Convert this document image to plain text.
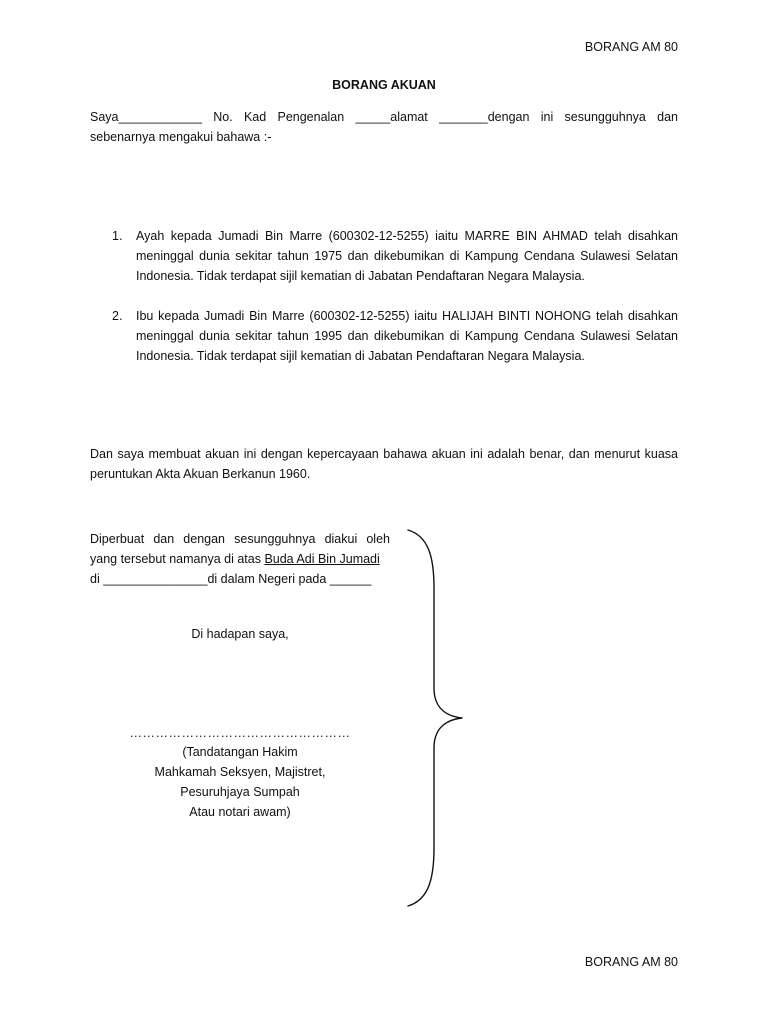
BORANG AM 80
BORANG AKUAN
Saya____________ No. Kad Pengenalan _____alamat _______dengan ini sesungguhnya dan sebenarnya mengakui bahawa :-
1. Ayah kepada Jumadi Bin Marre (600302-12-5255) iaitu MARRE BIN AHMAD telah disahkan meninggal dunia sekitar tahun 1975 dan dikebumikan di Kampung Cendana Sulawesi Selatan Indonesia. Tidak terdapat sijil kematian di Jabatan Pendaftaran Negara Malaysia.
2. Ibu kepada Jumadi Bin Marre (600302-12-5255) iaitu HALIJAH BINTI NOHONG telah disahkan meninggal dunia sekitar tahun 1995 dan dikebumikan di Kampung Cendana Sulawesi Selatan Indonesia. Tidak terdapat sijil kematian di Jabatan Pendaftaran Negara Malaysia.
Dan saya membuat akuan ini dengan kepercayaan bahawa akuan ini adalah benar, dan menurut kuasa peruntukan Akta Akuan Berkanun 1960.
Diperbuat dan dengan sesungguhnya diakui oleh
yang tersebut namanya di atas Buda Adi Bin Jumadi
di _______________di dalam Negeri pada ______
Di hadapan saya,
……………………………………………
(Tandatangan Hakim
Mahkamah Seksyen, Majistret,
Pesuruhjaya Sumpah
Atau notari awam)
BORANG AM 80
